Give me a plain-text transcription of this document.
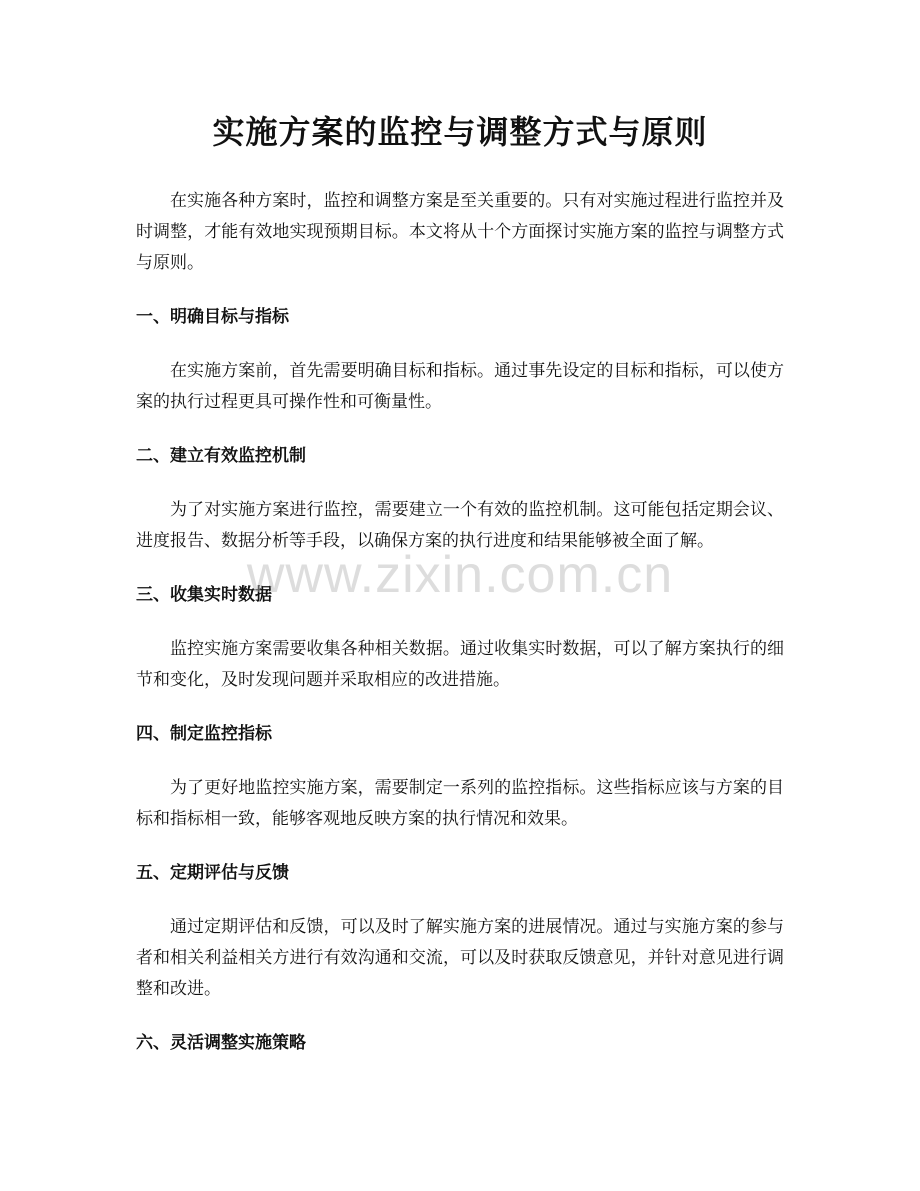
实施方案的监控与调整方式与原则

在实施各种方案时，监控和调整方案是至关重要的。只有对实施过程进行监控并及时调整，才能有效地实现预期目标。本文将从十个方面探讨实施方案的监控与调整方式与原则。

一、明确目标与指标

在实施方案前，首先需要明确目标和指标。通过事先设定的目标和指标，可以使方案的执行过程更具可操作性和可衡量性。

二、建立有效监控机制

为了对实施方案进行监控，需要建立一个有效的监控机制。这可能包括定期会议、进度报告、数据分析等手段，以确保方案的执行进度和结果能够被全面了解。

三、收集实时数据

监控实施方案需要收集各种相关数据。通过收集实时数据，可以了解方案执行的细节和变化，及时发现问题并采取相应的改进措施。

四、制定监控指标

为了更好地监控实施方案，需要制定一系列的监控指标。这些指标应该与方案的目标和指标相一致，能够客观地反映方案的执行情况和效果。

五、定期评估与反馈

通过定期评估和反馈，可以及时了解实施方案的进展情况。通过与实施方案的参与者和相关利益相关方进行有效沟通和交流，可以及时获取反馈意见，并针对意见进行调整和改进。

六、灵活调整实施策略
www.zixin.com.cn
